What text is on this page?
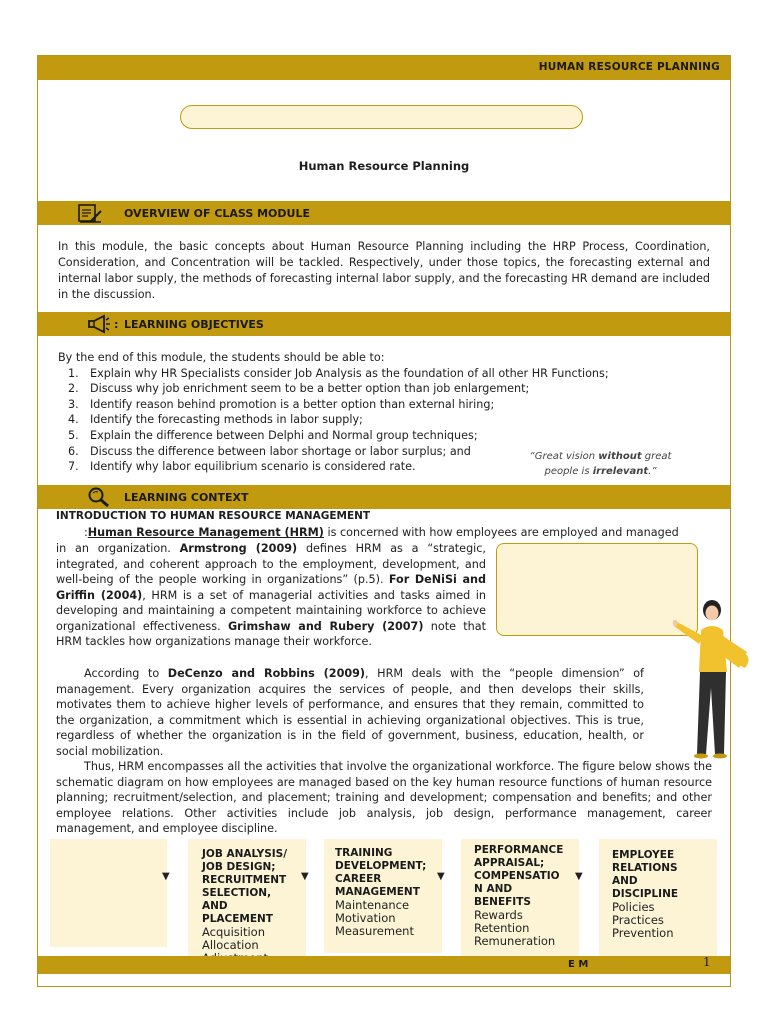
HUMAN RESOURCE PLANNING
Human Resource Planning
OVERVIEW OF CLASS MODULE
In this module, the basic concepts about Human Resource Planning including the HRP Process, Coordination, Consideration, and Concentration will be tackled. Respectively, under those topics, the forecasting external and internal labor supply, the methods of forecasting internal labor supply, and the forecasting HR demand are included in the discussion.
: LEARNING OBJECTIVES
By the end of this module, the students should be able to:
1. Explain why HR Specialists consider Job Analysis as the foundation of all other HR Functions;
2. Discuss why job enrichment seem to be a better option than job enlargement;
3. Identify reason behind promotion is a better option than external hiring;
4. Identify the forecasting methods in labor supply;
5. Explain the difference between Delphi and Normal group techniques;
6. Discuss the difference between labor shortage or labor surplus; and
7. Identify why labor equilibrium scenario is considered rate.
“Great vision without great people is irrelevant.”
LEARNING CONTEXT
INTRODUCTION TO HUMAN RESOURCE MANAGEMENT
:Human Resource Management (HRM) is concerned with how employees are employed and managed
in an organization. Armstrong (2009) defines HRM as a “strategic, integrated, and coherent approach to the employment, development, and well-being of the people working in organizations” (p.5). For DeNiSi and Griffin (2004), HRM is a set of managerial activities and tasks aimed in developing and maintaining a competent maintaining workforce to achieve organizational effectiveness. Grimshaw and Rubery (2007) note that HRM tackles how organizations manage their workforce.
According to DeCenzo and Robbins (2009), HRM deals with the “people dimension” of management. Every organization acquires the services of people, and then develops their skills, motivates them to achieve higher levels of performance, and ensures that they remain, committed to the organization, a commitment which is essential in achieving organizational objectives. This is true, regardless of whether the organization is in the field of government, business, education, health, or social mobilization.
Thus, HRM encompasses all the activities that involve the organizational workforce. The figure below shows the schematic diagram on how employees are managed based on the key human resource functions of human resource planning; recruitment/selection, and placement; training and development; compensation and benefits; and other employee relations. Other activities include job analysis, job design, performance management, career management, and employee discipline.
▼
JOB ANALYSIS/ JOB DESIGN; RECRUITMENT SELECTION, AND PLACEMENT
Acquisition
Allocation
▼
TRAINING DEVELOPMENT; CAREER MANAGEMENT
Maintenance
Motivation
Measurement
▼
PERFORMANCE APPRAISAL; COMPENSATIO N AND BENEFITS
Rewards
Retention
Remuneration
▼
EMPLOYEE RELATIONS AND DISCIPLINE
Policies
Practices
Prevention
E M	1
